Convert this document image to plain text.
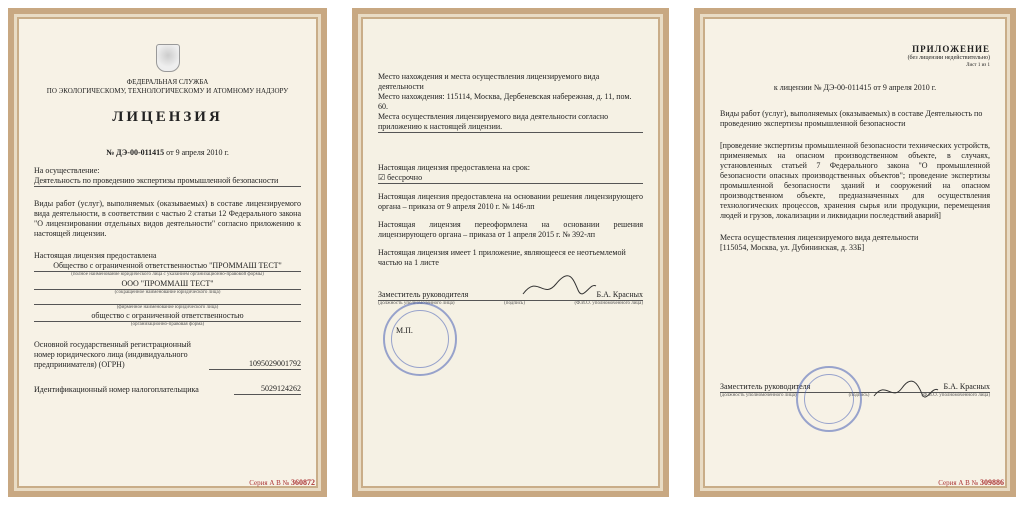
ФЕДЕРАЛЬНАЯ СЛУЖБА
ПО ЭКОЛОГИЧЕСКОМУ, ТЕХНОЛОГИЧЕСКОМУ И АТОМНОМУ НАДЗОРУ
ЛИЦЕНЗИЯ
№ ДЭ-00-011415 от 9 апреля 2010 г.
На осуществление:
Деятельность по проведению экспертизы промышленной безопасности
Виды работ (услуг), выполняемых (оказываемых) в составе лицензируемого вида деятельности, в соответствии с частью 2 статьи 12 Федерального закона "О лицензировании отдельных видов деятельности" согласно приложению к настоящей лицензии.
Настоящая лицензия предоставлена
Общество с ограниченной ответственностью "ПРОММАШ ТЕСТ"
(полное наименование юридического лица с указанием организационно-правовой формы)
ООО "ПРОММАШ ТЕСТ"
(сокращенное наименование юридического лица)
(фирменное наименование юридического лица)
общество с ограниченной ответственностью
(организационно-правовая форма)
Основной государственный регистрационный номер юридического лица (индивидуального предпринимателя) (ОГРН)	1095029001792
Идентификационный номер налогоплательщика	5029124262
Серия А В № 360872
Место нахождения и места осуществления лицензируемого вида деятельности
Место нахождения: 115114, Москва, Дербеневская набережная, д. 11, пом. 60.
Места осуществления лицензируемого вида деятельности согласно приложению к настоящей лицензии.
Настоящая лицензия предоставлена на срок:
☑ бессрочно
Настоящая лицензия предоставлена на основании решения лицензирующего органа – приказа от 9 апреля 2010 г. № 146-лп
Настоящая лицензия переоформлена на основании решения лицензирующего органа – приказа от 1 апреля 2015 г. № 392-лп
Настоящая лицензия имеет 1 приложение, являющееся ее неотъемлемой частью на 1 листе
Заместитель руководителя	Б.А. Красных
(должность уполномоченного лица)	(подпись)	(Ф.И.О. уполномоченного лица)
М.П.
ПРИЛОЖЕНИЕ
(без лицензии недействительно)
Лист 1 из 1
к лицензии № ДЭ-00-011415 от 9 апреля 2010 г.
Виды работ (услуг), выполняемых (оказываемых) в составе Деятельность по проведению экспертизы промышленной безопасности
[проведение экспертизы промышленной безопасности технических устройств, применяемых на опасном производственном объекте, в случаях, установленных статьей 7 Федерального закона "О промышленной безопасности опасных производственных объектов"; проведение экспертизы промышленной безопасности зданий и сооружений на опасном производственном объекте, предназначенных для осуществления технологических процессов, хранения сырья или продукции, перемещения людей и грузов, локализации и ликвидации последствий аварий]
Места осуществления лицензируемого вида деятельности
[115054, Москва, ул. Дубининская, д. 33Б]
Заместитель руководителя	Б.А. Красных
(должность уполномоченного лица)	(подпись)	(Ф.И.О. уполномоченного лица)
Серия А В № 309886
